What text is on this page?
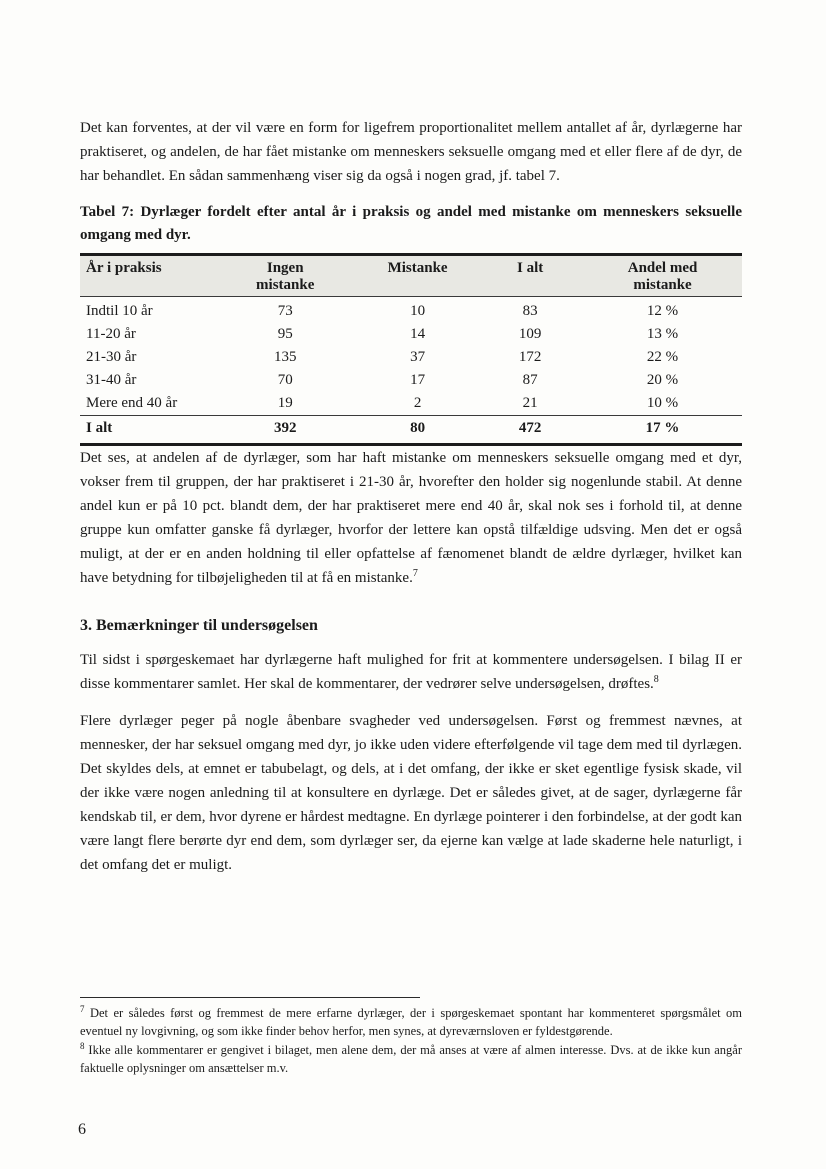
Det kan forventes, at der vil være en form for ligefrem proportionalitet mellem antallet af år, dyrlægerne har praktiseret, og andelen, de har fået mistanke om menneskers seksuelle omgang med et eller flere af de dyr, de har behandlet. En sådan sammenhæng viser sig da også i nogen grad, jf. tabel 7.

Tabel 7: Dyrlæger fordelt efter antal år i praksis og andel med mistanke om menneskers seksuelle omgang med dyr.

År i praksis	Ingen mistanke	Mistanke	I alt	Andel med mistanke
Indtil 10 år	73	10	83	12 %
11-20 år	95	14	109	13 %
21-30 år	135	37	172	22 %
31-40 år	70	17	87	20 %
Mere end 40 år	19	2	21	10 %
I alt	392	80	472	17 %

Det ses, at andelen af de dyrlæger, som har haft mistanke om menneskers seksuelle omgang med et dyr, vokser frem til gruppen, der har praktiseret i 21-30 år, hvorefter den holder sig nogenlunde stabil. At denne andel kun er på 10 pct. blandt dem, der har praktiseret mere end 40 år, skal nok ses i forhold til, at denne gruppe kun omfatter ganske få dyrlæger, hvorfor der lettere kan opstå tilfældige udsving. Men det er også muligt, at der er en anden holdning til eller opfattelse af fænomenet blandt de ældre dyrlæger, hvilket kan have betydning for tilbøjeligheden til at få en mistanke.$^7$

3. Bemærkninger til undersøgelsen

Til sidst i spørgeskemaet har dyrlægerne haft mulighed for frit at kommentere undersøgelsen. I bilag II er disse kommentarer samlet. Her skal de kommentarer, der vedrører selve undersøgelsen, drøftes.$^8$

Flere dyrlæger peger på nogle åbenbare svagheder ved undersøgelsen. Først og fremmest nævnes, at mennesker, der har seksuel omgang med dyr, jo ikke uden videre efterfølgende vil tage dem med til dyrlægen. Det skyldes dels, at emnet er tabubelagt, og dels, at i det omfang, der ikke er sket egentlige fysisk skade, vil der ikke være nogen anledning til at konsultere en dyrlæge. Det er således givet, at de sager, dyrlægerne får kendskab til, er dem, hvor dyrene er hårdest medtagne. En dyrlæge pointerer i den forbindelse, at der godt kan være langt flere berørte dyr end dem, som dyrlæger ser, da ejerne kan vælge at lade skaderne hele naturligt, i det omfang det er muligt.

$^7$ Det er således først og fremmest de mere erfarne dyrlæger, der i spørgeskemaet spontant har kommenteret spørgsmålet om eventuel ny lovgivning, og som ikke finder behov herfor, men synes, at dyreværnsloven er fyldestgørende.

$^8$ Ikke alle kommentarer er gengivet i bilaget, men alene dem, der må anses at være af almen interesse. Dvs. at de ikke kun angår faktuelle oplysninger om ansættelser m.v.

6
